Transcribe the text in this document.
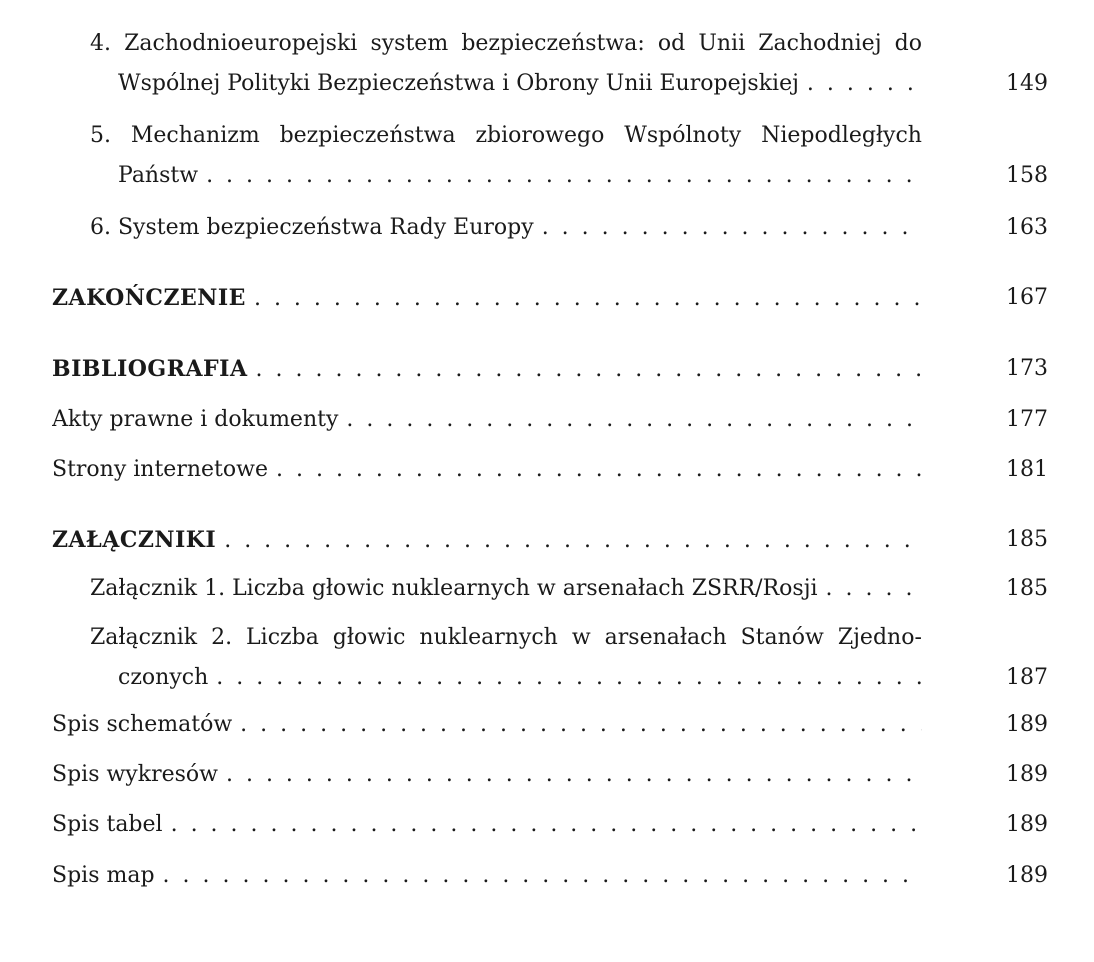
4. Zachodnioeuropejski system bezpieczeństwa: od Unii Zachodniej do
Wspólnej Polityki Bezpieczeństwa i Obrony Unii Europejskiej . . .	149
5. Mechanizm bezpieczeństwa zbiorowego Wspólnoty Niepodległych
Państw . . .	158
6. System bezpieczeństwa Rady Europy . . .	163
ZAKOŃCZENIE . . .	167
BIBLIOGRAFIA . . .	173
Akty prawne i dokumenty . . .	177
Strony internetowe . . .	181
ZAŁĄCZNIKI . . .	185
Załącznik 1. Liczba głowic nuklearnych w arsenałach ZSRR/Rosji . . .	185
Załącznik 2. Liczba głowic nuklearnych w arsenałach Stanów Zjedno-
czonych . . .	187
Spis schematów . . .	189
Spis wykresów . . .	189
Spis tabel . . .	189
Spis map . . .	189
